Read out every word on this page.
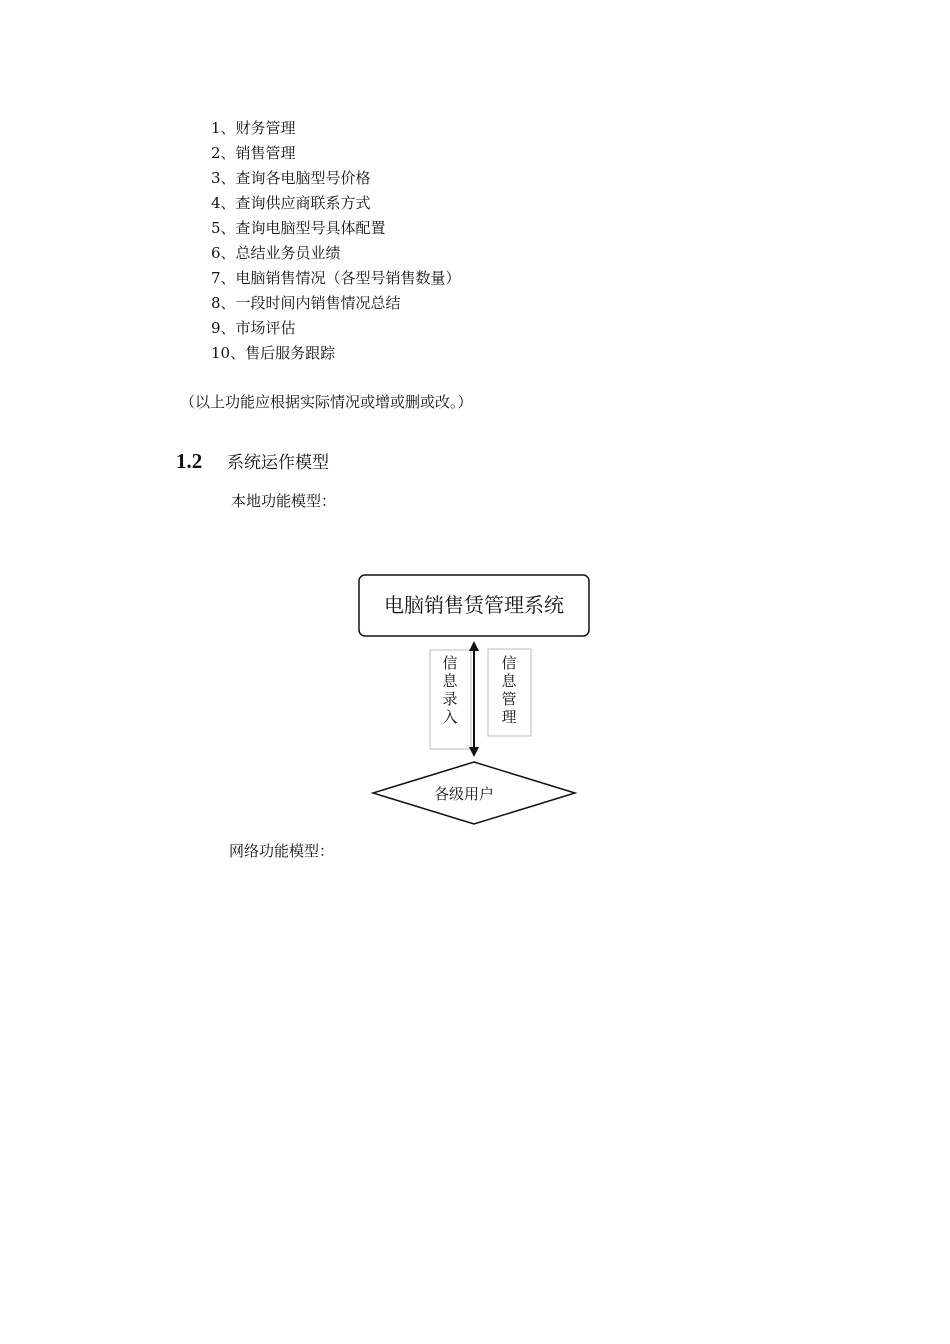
1、财务管理
2、销售管理
3、查询各电脑型号价格
4、查询供应商联系方式
5、查询电脑型号具体配置
6、总结业务员业绩
7、电脑销售情况（各型号销售数量）
8、一段时间内销售情况总结
9、市场评估
10、售后服务跟踪
（以上功能应根据实际情况或增或删或改。）
1.2 系统运作模型
本地功能模型：
电脑销售赁管理系统
信
息
录
入
信
息
管
理
各级用户
网络功能模型：
